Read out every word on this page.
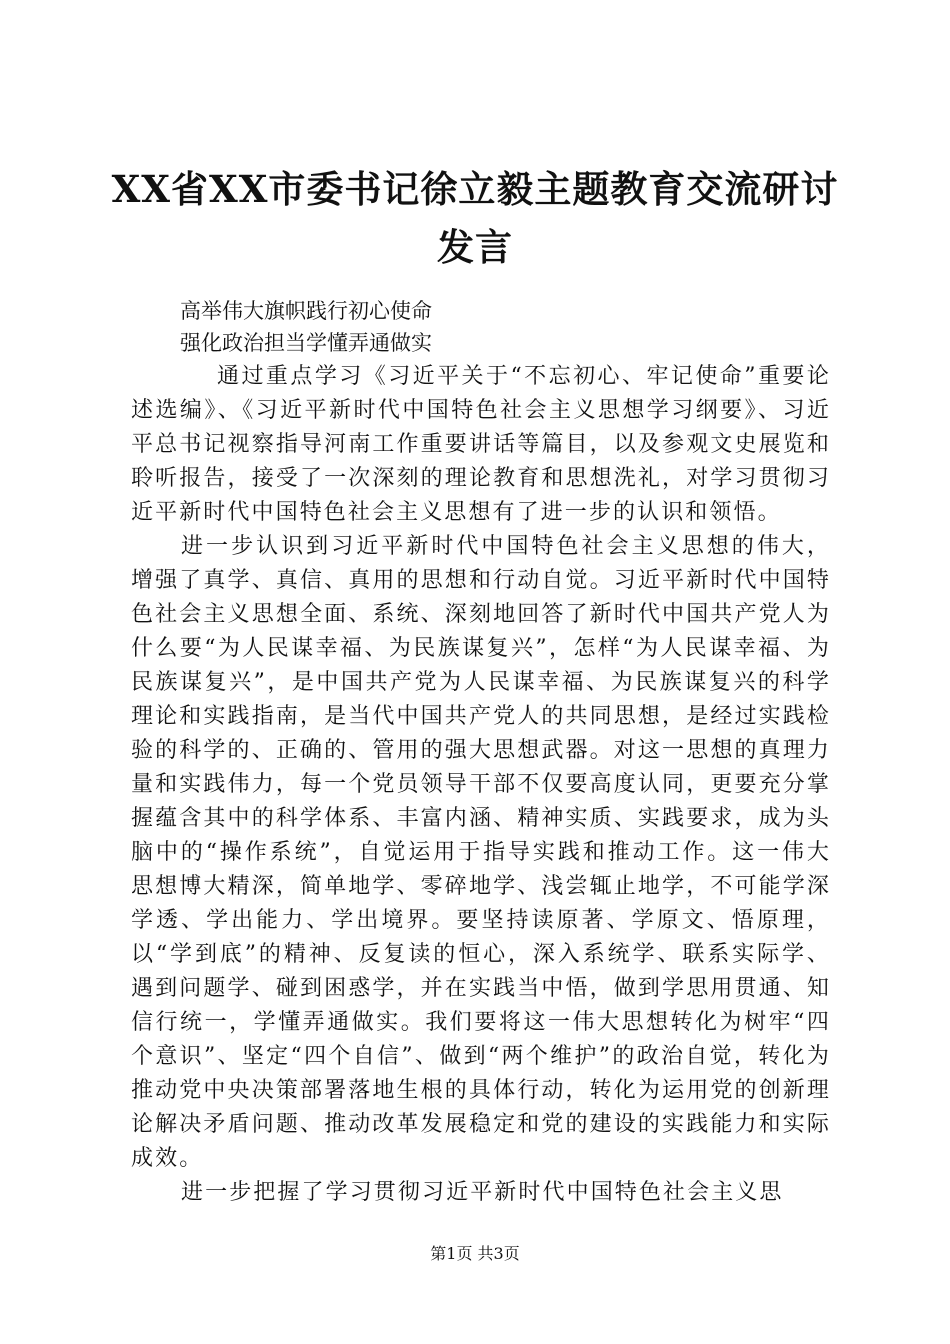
XX省XX市委书记徐立毅主题教育交流研讨发言
高举伟大旗帜践行初心使命
强化政治担当学懂弄通做实

通过重点学习《习近平关于“不忘初心、牢记使命”重要论述选编》、《习近平新时代中国特色社会主义思想学习纲要》、习近平总书记视察指导河南工作重要讲话等篇目，以及参观文史展览和聆听报告，接受了一次深刻的理论教育和思想洗礼，对学习贯彻习近平新时代中国特色社会主义思想有了进一步的认识和领悟。

进一步认识到习近平新时代中国特色社会主义思想的伟大，增强了真学、真信、真用的思想和行动自觉。习近平新时代中国特色社会主义思想全面、系统、深刻地回答了新时代中国共产党人为什么要“为人民谋幸福、为民族谋复兴”，怎样“为人民谋幸福、为民族谋复兴”，是中国共产党为人民谋幸福、为民族谋复兴的科学理论和实践指南，是当代中国共产党人的共同思想，是经过实践检验的科学的、正确的、管用的强大思想武器。对这一思想的真理力量和实践伟力，每一个党员领导干部不仅要高度认同，更要充分掌握蕴含其中的科学体系、丰富内涵、精神实质、实践要求，成为头脑中的“操作系统”，自觉运用于指导实践和推动工作。这一伟大思想博大精深，简单地学、零碎地学、浅尝辄止地学，不可能学深学透、学出能力、学出境界。要坚持读原著、学原文、悟原理，以“学到底”的精神、反复读的恒心，深入系统学、联系实际学、遇到问题学、碰到困惑学，并在实践当中悟，做到学思用贯通、知信行统一，学懂弄通做实。我们要将这一伟大思想转化为树牢“四个意识”、坚定“四个自信”、做到“两个维护”的政治自觉，转化为推动党中央决策部署落地生根的具体行动，转化为运用党的创新理论解决矛盾问题、推动改革发展稳定和党的建设的实践能力和实际成效。

进一步把握了学习贯彻习近平新时代中国特色社会主义思

第1页 共3页
